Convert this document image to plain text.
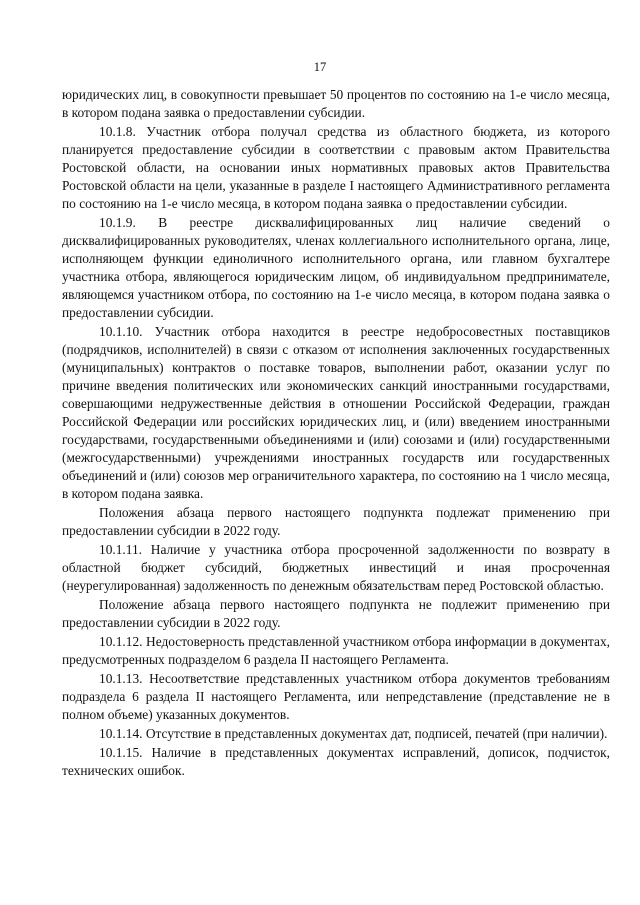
17

юридических лиц, в совокупности превышает 50 процентов по состоянию на 1-е число месяца, в котором подана заявка о предоставлении субсидии.

10.1.8. Участник отбора получал средства из областного бюджета, из которого планируется предоставление субсидии в соответствии с правовым актом Правительства Ростовской области, на основании иных нормативных правовых актов Правительства Ростовской области на цели, указанные в разделе I настоящего Административного регламента по состоянию на 1-е число месяца, в котором подана заявка о предоставлении субсидии.

10.1.9. В реестре дисквалифицированных лиц наличие сведений о дисквалифицированных руководителях, членах коллегиального исполнительного органа, лице, исполняющем функции единоличного исполнительного органа, или главном бухгалтере участника отбора, являющегося юридическим лицом, об индивидуальном предпринимателе, являющемся участником отбора, по состоянию на 1-е число месяца, в котором подана заявка о предоставлении субсидии.

10.1.10. Участник отбора находится в реестре недобросовестных поставщиков (подрядчиков, исполнителей) в связи с отказом от исполнения заключенных государственных (муниципальных) контрактов о поставке товаров, выполнении работ, оказании услуг по причине введения политических или экономических санкций иностранными государствами, совершающими недружественные действия в отношении Российской Федерации, граждан Российской Федерации или российских юридических лиц, и (или) введением иностранными государствами, государственными объединениями и (или) союзами и (или) государственными (межгосударственными) учреждениями иностранных государств или государственных объединений и (или) союзов мер ограничительного характера, по состоянию на 1 число месяца, в котором подана заявка.

Положения абзаца первого настоящего подпункта подлежат применению при предоставлении субсидии в 2022 году.

10.1.11. Наличие у участника отбора просроченной задолженности по возврату в областной бюджет субсидий, бюджетных инвестиций и иная просроченная (неурегулированная) задолженность по денежным обязательствам перед Ростовской областью.

Положение абзаца первого настоящего подпункта не подлежит применению при предоставлении субсидии в 2022 году.

10.1.12. Недостоверность представленной участником отбора информации в документах, предусмотренных подразделом 6 раздела II настоящего Регламента.

10.1.13. Несоответствие представленных участником отбора документов требованиям подраздела 6 раздела II настоящего Регламента, или непредставление (представление не в полном объеме) указанных документов.

10.1.14. Отсутствие в представленных документах дат, подписей, печатей (при наличии).

10.1.15. Наличие в представленных документах исправлений, дописок, подчисток, технических ошибок.
